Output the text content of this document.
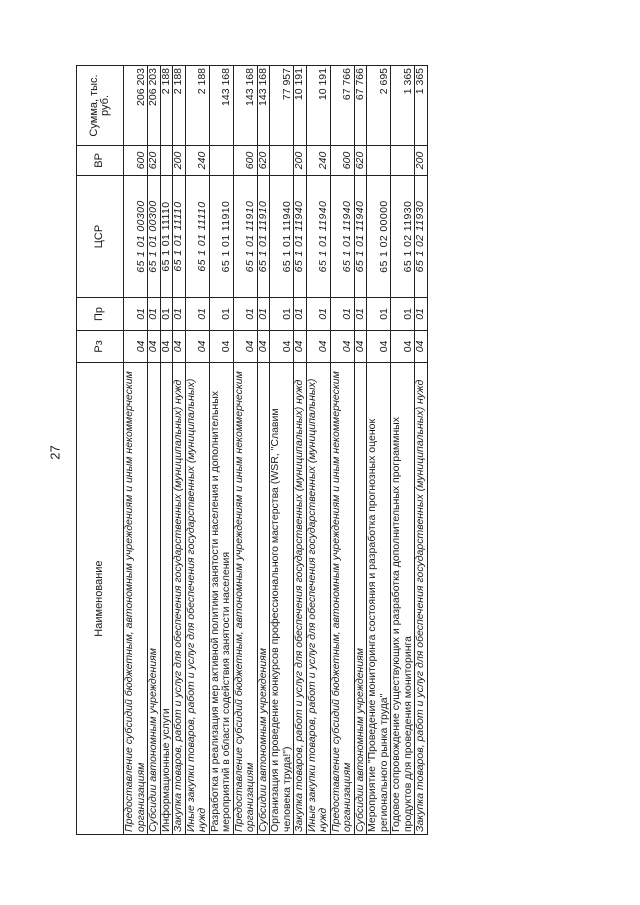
27
Наименование	Рз	Пр	ЦСР	ВР	Сумма, тыс. руб.
Предоставление субсидий бюджетным, автономным учреждениям и иным некоммерческим организациям	04	01	65 1 01 00300	600	206 203
Субсидии автономным учреждениям	04	01	65 1 01 00300	620	206 203
Информационные услуги	04	01	65 1 01 11110		2 188
Закупка товаров, работ и услуг для обеспечения государственных (муниципальных) нужд	04	01	65 1 01 11110	200	2 188
Иные закупки товаров, работ и услуг для обеспечения государственных (муниципальных) нужд	04	01	65 1 01 11110	240	2 188
Разработка и реализация мер активной политики занятости населения и дополнительных мероприятий в области содействия занятости населения	04	01	65 1 01 11910		143 168
Предоставление субсидий бюджетным, автономным учреждениям и иным некоммерческим организациям	04	01	65 1 01 11910	600	143 168
Субсидии автономным учреждениям	04	01	65 1 01 11910	620	143 168
Организация и проведение конкурсов профессионального мастерства (WSR, "Славим человека труда!")	04	01	65 1 01 11940		77 957
Закупка товаров, работ и услуг для обеспечения государственных (муниципальных) нужд	04	01	65 1 01 11940	200	10 191
Иные закупки товаров, работ и услуг для обеспечения государственных (муниципальных) нужд	04	01	65 1 01 11940	240	10 191
Предоставление субсидий бюджетным, автономным учреждениям и иным некоммерческим организациям	04	01	65 1 01 11940	600	67 766
Субсидии автономным учреждениям	04	01	65 1 01 11940	620	67 766
Мероприятие "Проведение мониторинга состояния и разработка прогнозных оценок регионального рынка труда"	04	01	65 1 02 00000		2 695
Годовое сопровождение существующих и разработка дополнительных программных продуктов для проведения мониторинга	04	01	65 1 02 11930		1 365
Закупка товаров, работ и услуг для обеспечения государственных (муниципальных) нужд	04	01	65 1 02 11930	200	1 365
